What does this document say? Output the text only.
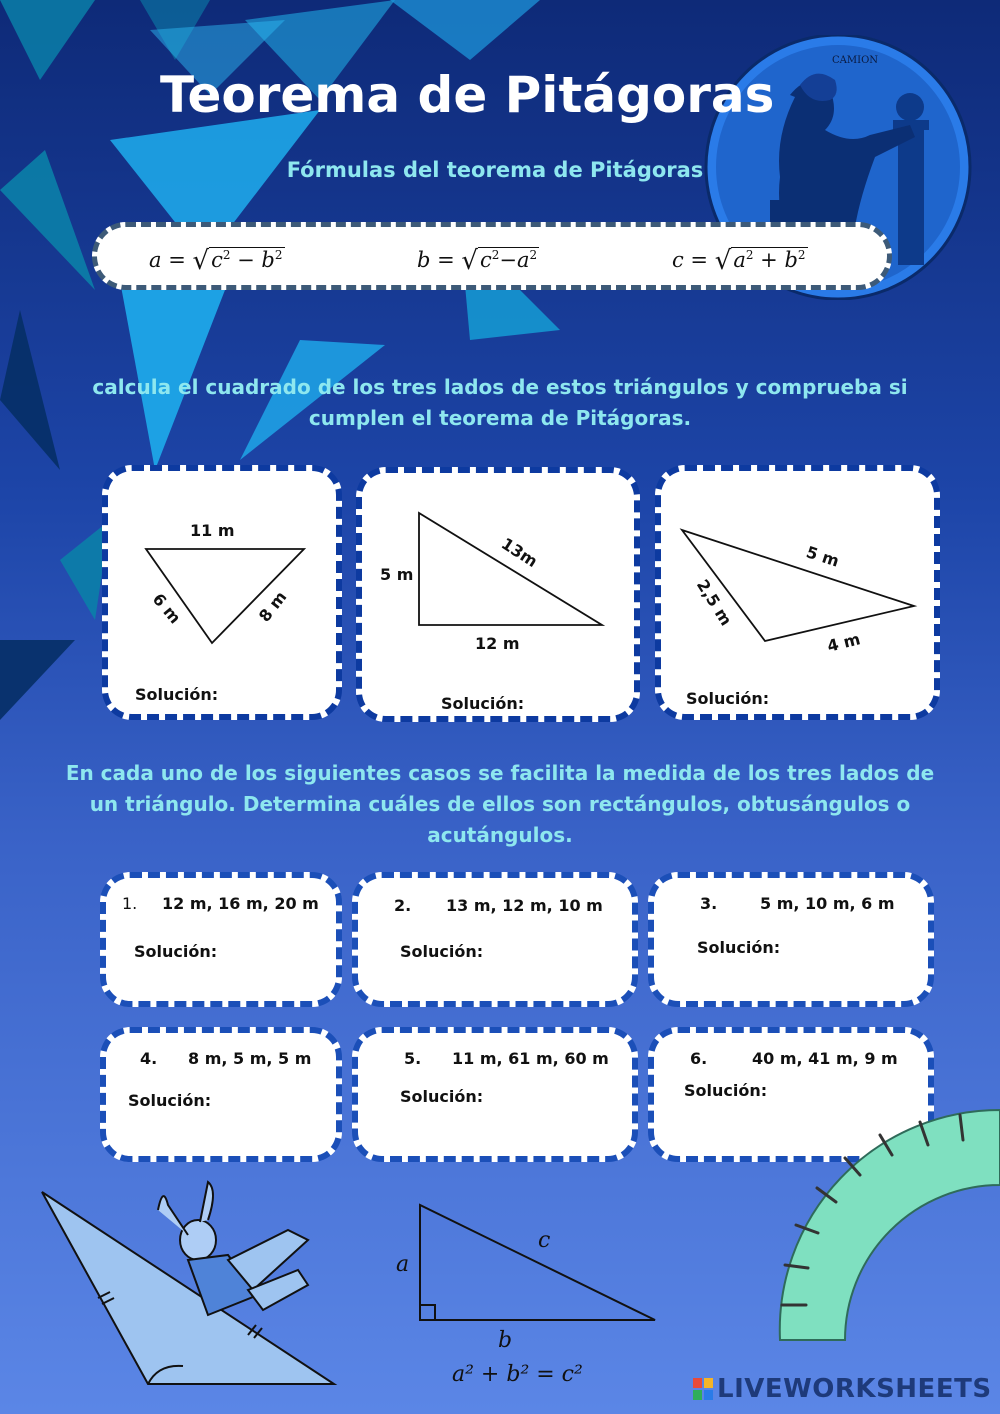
CAMION
Teorema de Pitágoras
Fórmulas del teorema de Pitágoras
$a = √c^2 - b^2$	$b = √c^2-a^2$	$c = √a^2 + b^2$
calcula el cuadrado de los tres lados de estos triángulos y comprueba si cumplen el teorema de Pitágoras.
11 m
6 m	8 m
Solución:
5 m
13m
12 m
Solución:
5 m
2,5 m
4 m
Solución:
En cada uno de los siguientes casos se facilita la medida de los tres lados de un triángulo. Determina cuáles de ellos son rectángulos, obtusángulos o acutángulos.
1. 12 m, 16 m, 20 m
Solución:
2. 13 m, 12 m, 10 m
Solución:
3.	5 m, 10 m, 6 m
Solución:
4. 8 m, 5 m, 5 m
Solución:
5. 11 m, 61 m, 60 m
Solución:
6.	40 m, 41 m, 9 m
Solución:
a
c
b
a² + b² = c²	LIVEWORKSHEETS
